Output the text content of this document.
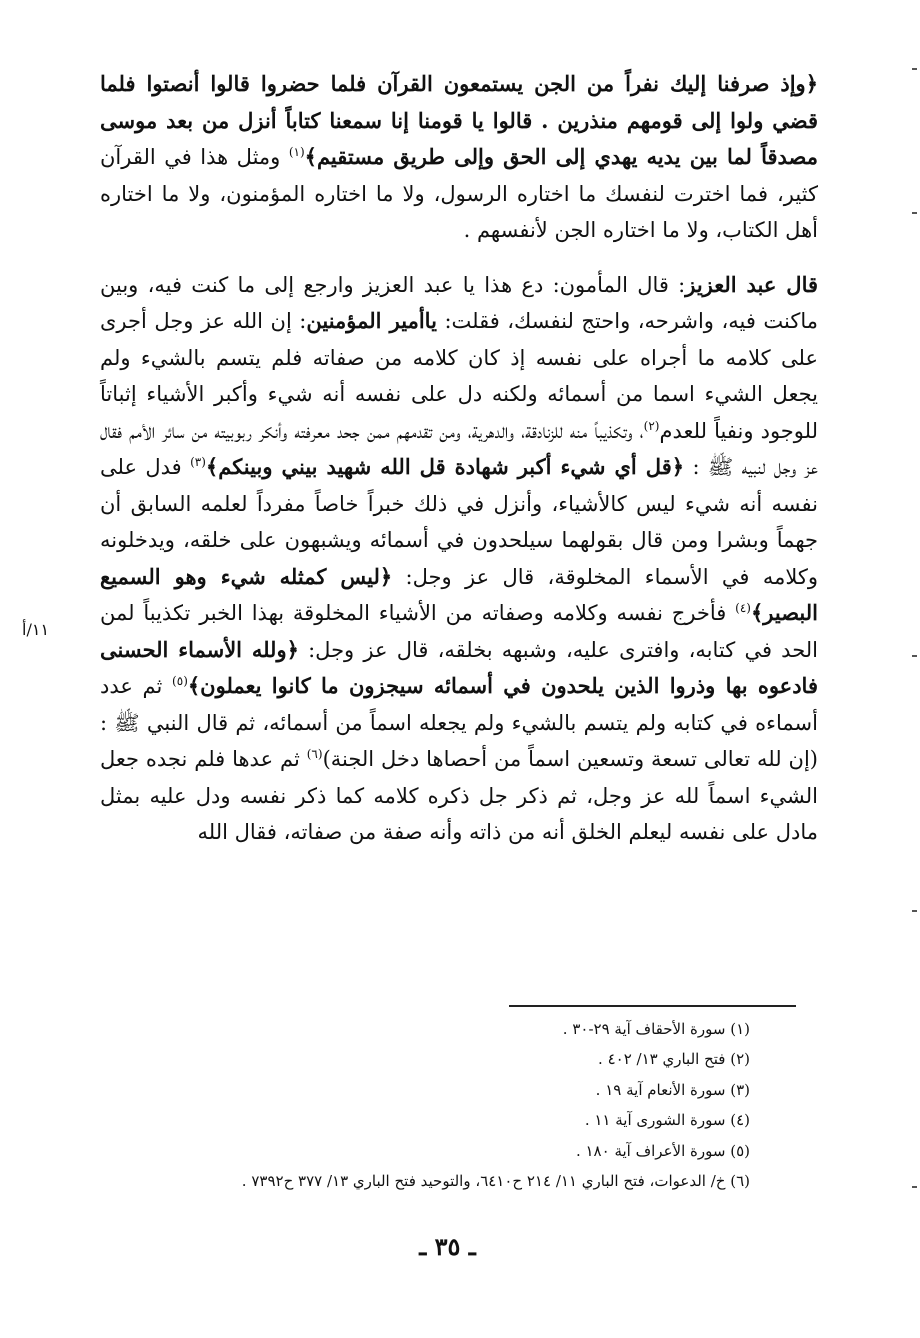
﴿وإذ صرفنا إليك نفراً من الجن يستمعون القرآن فلما حضروا قالوا أنصتوا فلما قضي ولوا إلى قومهم منذرين . قالوا يا قومنا إنا سمعنا كتاباً أنزل من بعد موسى مصدقاً لما بين يديه يهدي إلى الحق وإلى طريق مستقيم﴾$^{(١)}$ ومثل هذا في القرآن كثير، فما اخترت لنفسك ما اختاره الرسول، ولا ما اختاره المؤمنون، ولا ما اختاره أهل الكتاب، ولا ما اختاره الجن لأنفسهم .

قال عبد العزيز: قال المأمون: دع هذا يا عبد العزيز وارجع إلى ما كنت فيه، وبين ماكنت فيه، واشرحه، واحتج لنفسك، فقلت: ياأمير المؤمنين: إن الله عز وجل أجرى على كلامه ما أجراه على نفسه إذ كان كلامه من صفاته فلم يتسم بالشيء ولم يجعل الشيء اسما من أسمائه ولكنه دل على نفسه أنه شيء وأكبر الأشياء إثباتاً للوجود ونفياً للعدم$^{(٢)}$، وتكذيباً منه للزنادقة، والدهرية، ومن تقدمهم ممن جحد معرفته وأنكر ربوبيته من سائر الأمم فقال عز وجل لنبيه ﷺ : ﴿قل أي شيء أكبر شهادة قل الله شهيد بيني وبينكم﴾$^{(٣)}$ فدل على نفسه أنه شيء ليس كالأشياء، وأنزل في ذلك خبراً خاصاً مفرداً لعلمه السابق أن جهماً وبشرا ومن قال بقولهما سيلحدون في أسمائه ويشبهون على خلقه، ويدخلونه وكلامه في الأسماء المخلوقة، قال عز وجل: ﴿ليس كمثله شيء وهو السميع البصير﴾$^{(٤)}$ فأخرج نفسه وكلامه وصفاته من الأشياء المخلوقة بهذا الخبر تكذيباً لمن الحد في كتابه، وافترى عليه، وشبهه بخلقه، قال عز وجل: ﴿ولله الأسماء الحسنى فادعوه بها وذروا الذين يلحدون في أسمائه سيجزون ما كانوا يعملون﴾$^{(٥)}$ ثم عدد أسماءه في كتابه ولم يتسم بالشيء ولم يجعله اسماً من أسمائه، ثم قال النبي ﷺ : (إن لله تعالى تسعة وتسعين اسماً من أحصاها دخل الجنة)$^{(٦)}$ ثم عدها فلم نجده جعل الشيء اسماً لله عز وجل، ثم ذكر جل ذكره كلامه كما ذكر نفسه ودل عليه بمثل مادل على نفسه ليعلم الخلق أنه من ذاته وأنه صفة من صفاته، فقال الله

١١/أ
(١) سورة الأحقاف آية ٢٩-٣٠ .
(٢) فتح الباري ١٣/ ٤٠٢ .
(٣) سورة الأنعام آية ١٩ .
(٤) سورة الشورى آية ١١ .
(٥) سورة الأعراف آية ١٨٠ .
(٦) خ/ الدعوات، فتح الباري ١١/ ٢١٤ ح٦٤١٠، والتوحيد فتح الباري ١٣/ ٣٧٧ ح٧٣٩٢ .
ـ ٣٥ ـ
